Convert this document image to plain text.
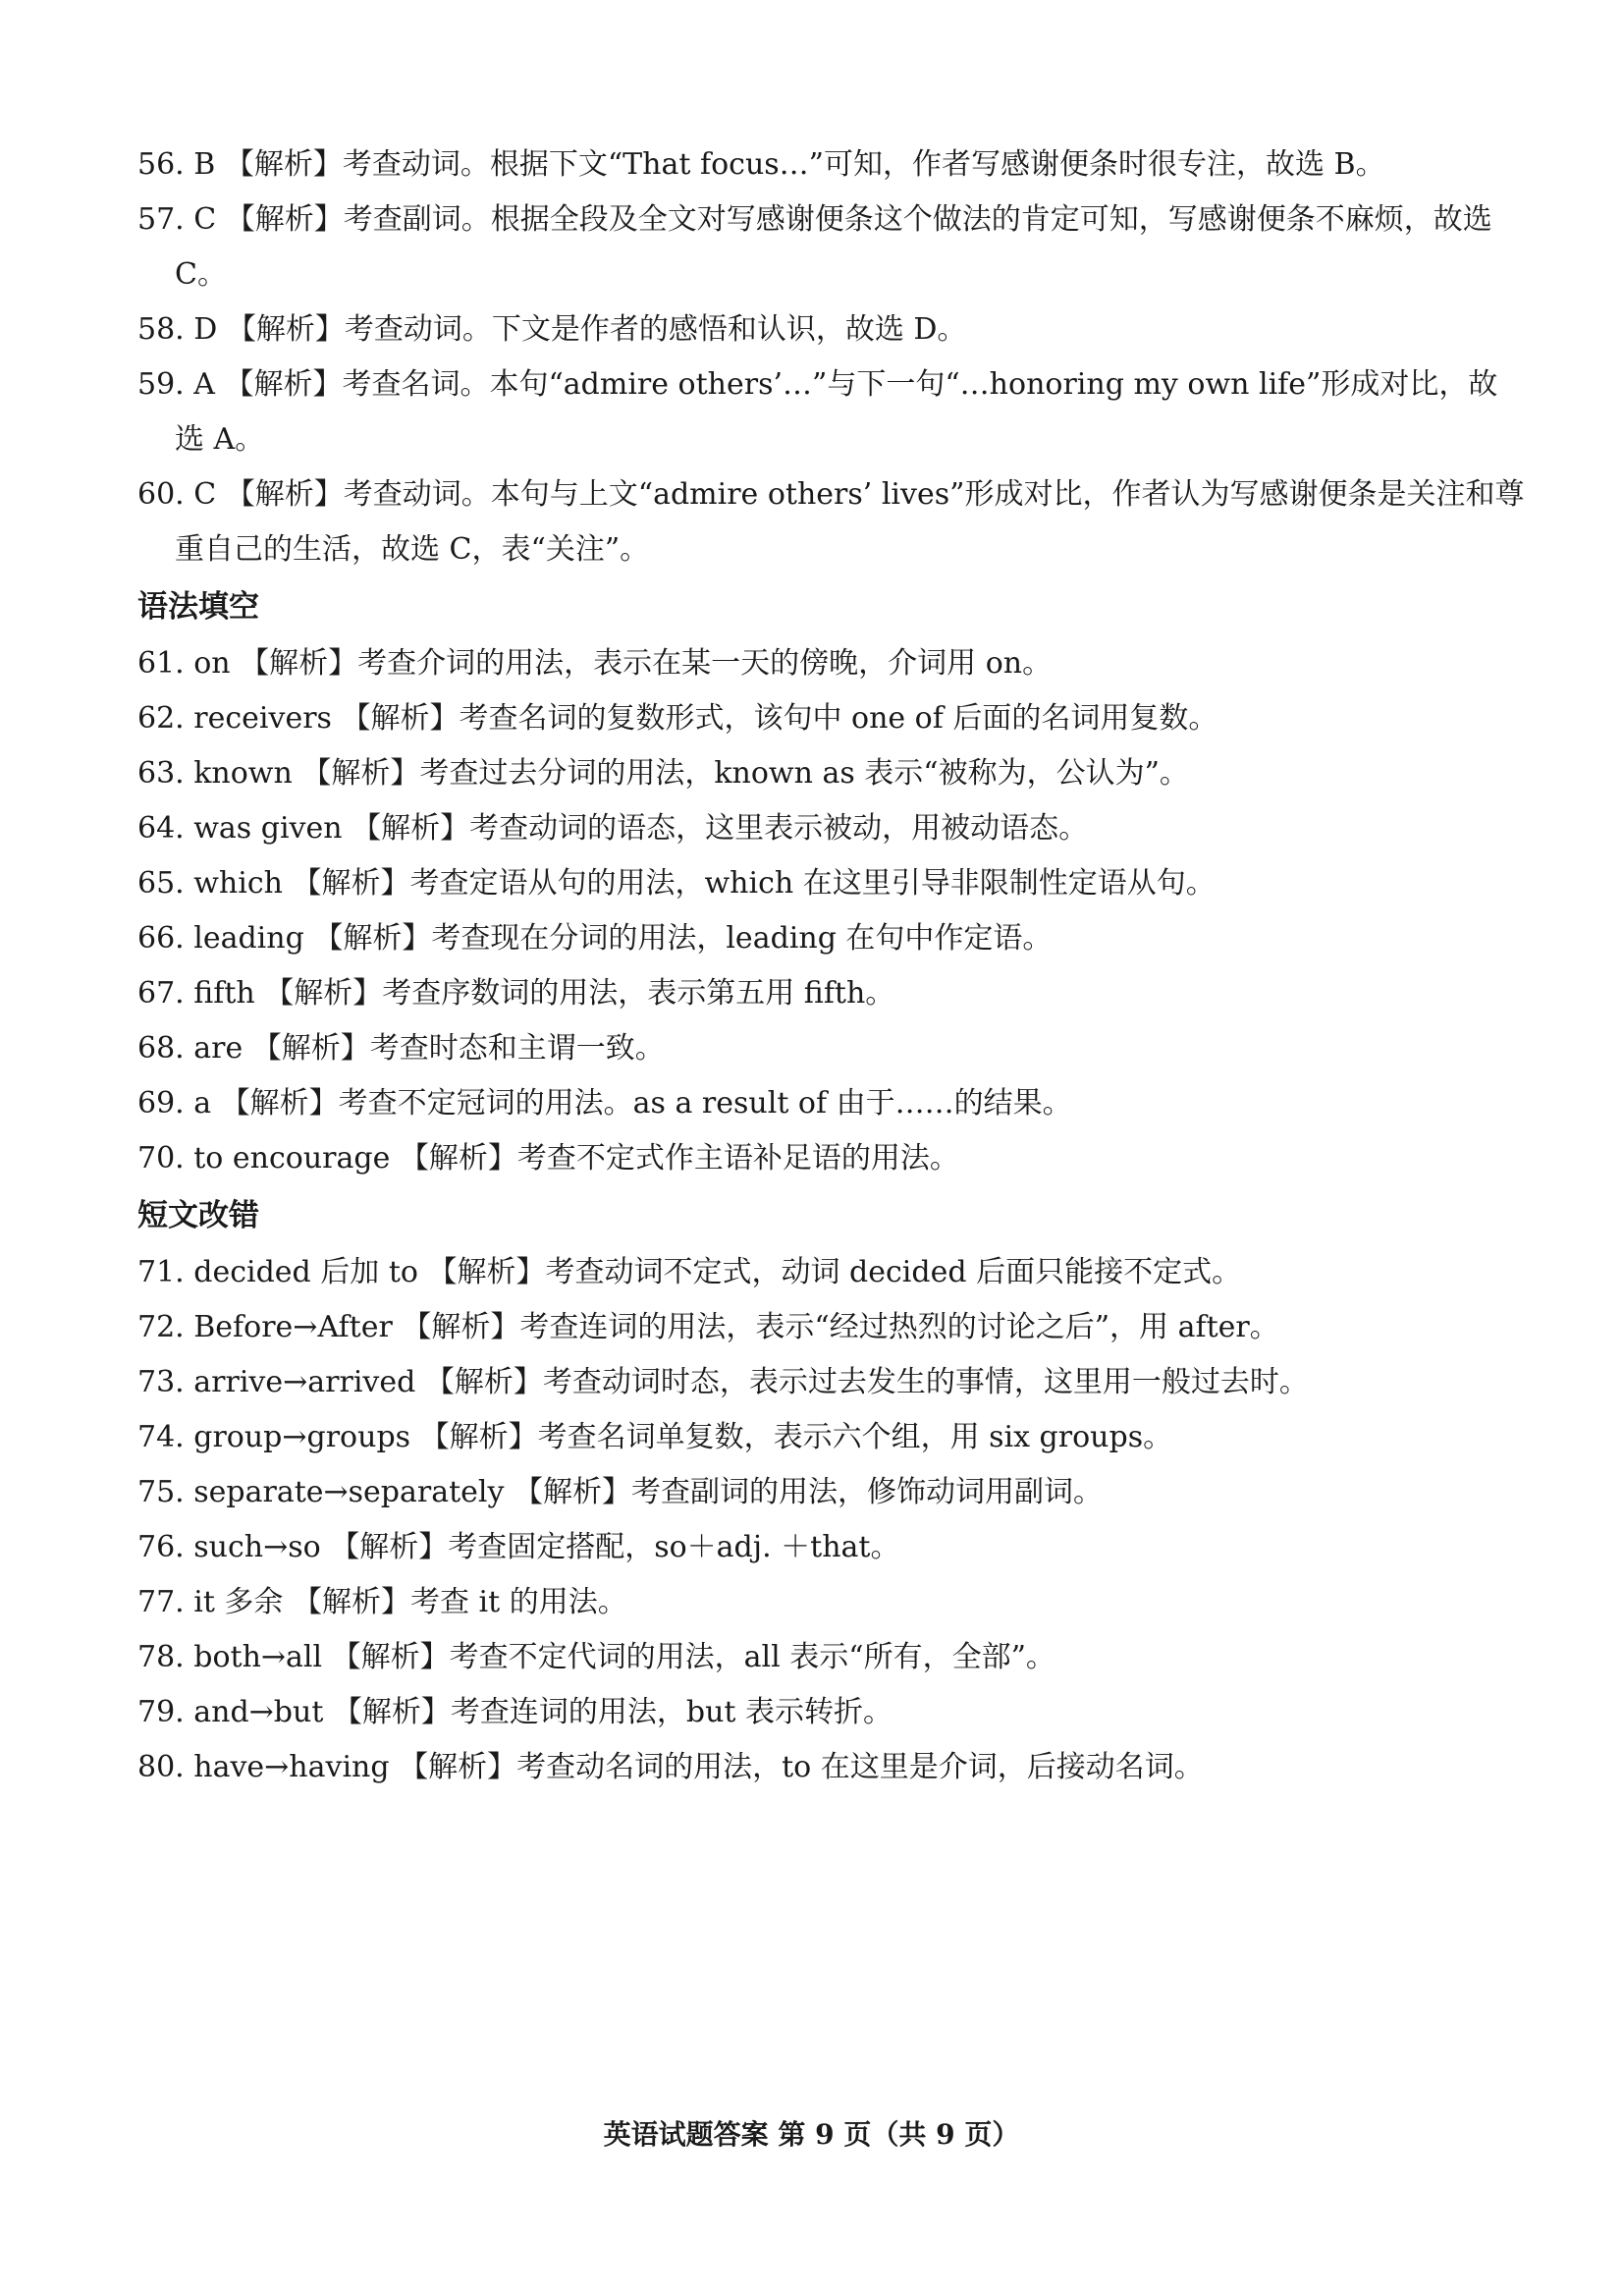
56. B 【解析】考查动词。根据下文“That focus…”可知，作者写感谢便条时很专注，故选 B。
57. C 【解析】考查副词。根据全段及全文对写感谢便条这个做法的肯定可知，写感谢便条不麻烦，故选 C。
58. D 【解析】考查动词。下文是作者的感悟和认识，故选 D。
59. A 【解析】考查名词。本句“admire others’…”与下一句“…honoring my own life”形成对比，故选 A。
60. C 【解析】考查动词。本句与上文“admire others’ lives”形成对比，作者认为写感谢便条是关注和尊重自己的生活，故选 C，表“关注”。
语法填空
61. on 【解析】考查介词的用法，表示在某一天的傍晚，介词用 on。
62. receivers 【解析】考查名词的复数形式，该句中 one of 后面的名词用复数。
63. known 【解析】考查过去分词的用法，known as 表示“被称为，公认为”。
64. was given 【解析】考查动词的语态，这里表示被动，用被动语态。
65. which 【解析】考查定语从句的用法，which 在这里引导非限制性定语从句。
66. leading 【解析】考查现在分词的用法，leading 在句中作定语。
67. fifth 【解析】考查序数词的用法，表示第五用 fifth。
68. are 【解析】考查时态和主谓一致。
69. a 【解析】考查不定冠词的用法。as a result of 由于……的结果。
70. to encourage 【解析】考查不定式作主语补足语的用法。
短文改错
71. decided 后加 to 【解析】考查动词不定式，动词 decided 后面只能接不定式。
72. Before→After 【解析】考查连词的用法，表示“经过热烈的讨论之后”，用 after。
73. arrive→arrived 【解析】考查动词时态，表示过去发生的事情，这里用一般过去时。
74. group→groups 【解析】考查名词单复数，表示六个组，用 six groups。
75. separate→separately 【解析】考查副词的用法，修饰动词用副词。
76. such→so 【解析】考查固定搭配，so＋adj. ＋that。
77. it 多余 【解析】考查 it 的用法。
78. both→all 【解析】考查不定代词的用法，all 表示“所有，全部”。
79. and→but 【解析】考查连词的用法，but 表示转折。
80. have→having 【解析】考查动名词的用法，to 在这里是介词，后接动名词。
英语试题答案 第 9 页（共 9 页）
